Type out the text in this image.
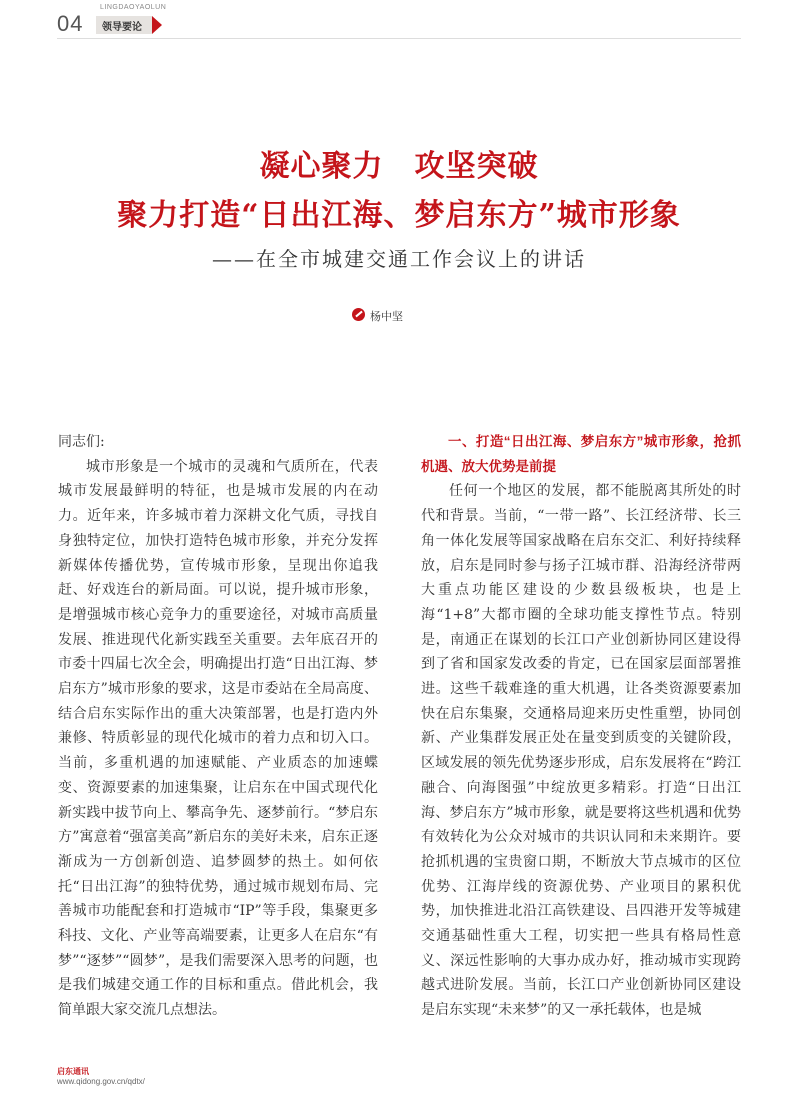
04
LINGDAOYAOLUN
领导要论
凝心聚力　攻坚突破
聚力打造“日出江海、梦启东方”城市形象
——在全市城建交通工作会议上的讲话
杨中坚

同志们:

城市形象是一个城市的灵魂和气质所在，代表城市发展最鲜明的特征，也是城市发展的内在动力。近年来，许多城市着力深耕文化气质，寻找自身独特定位，加快打造特色城市形象，并充分发挥新媒体传播优势，宣传城市形象，呈现出你追我赶、好戏连台的新局面。可以说，提升城市形象，是增强城市核心竞争力的重要途径，对城市高质量发展、推进现代化新实践至关重要。去年底召开的市委十四届七次全会，明确提出打造“日出江海、梦启东方”城市形象的要求，这是市委站在全局高度、结合启东实际作出的重大决策部署，也是打造内外兼修、特质彰显的现代化城市的着力点和切入口。当前，多重机遇的加速赋能、产业质态的加速蝶变、资源要素的加速集聚，让启东在中国式现代化新实践中拔节向上、攀高争先、逐梦前行。“梦启东方”寓意着“强富美高”新启东的美好未来，启东正逐渐成为一方创新创造、追梦圆梦的热土。如何依托“日出江海”的独特优势，通过城市规划布局、完善城市功能配套和打造城市“IP”等手段，集聚更多科技、文化、产业等高端要素，让更多人在启东“有梦”“逐梦”“圆梦”，是我们需要深入思考的问题，也是我们城建交通工作的目标和重点。借此机会，我简单跟大家交流几点想法。

一、打造“日出江海、梦启东方”城市形象，抢抓机遇、放大优势是前提

任何一个地区的发展，都不能脱离其所处的时代和背景。当前，“一带一路”、长江经济带、长三角一体化发展等国家战略在启东交汇、利好持续释放，启东是同时参与扬子江城市群、沿海经济带两大重点功能区建设的少数县级板块，也是上海“1+8”大都市圈的全球功能支撑性节点。特别是，南通正在谋划的长江口产业创新协同区建设得到了省和国家发改委的肯定，已在国家层面部署推进。这些千载难逢的重大机遇，让各类资源要素加快在启东集聚，交通格局迎来历史性重塑，协同创新、产业集群发展正处在量变到质变的关键阶段，区域发展的领先优势逐步形成，启东发展将在“跨江融合、向海图强”中绽放更多精彩。打造“日出江海、梦启东方”城市形象，就是要将这些机遇和优势有效转化为公众对城市的共识认同和未来期许。要抢抓机遇的宝贵窗口期，不断放大节点城市的区位优势、江海岸线的资源优势、产业项目的累积优势，加快推进北沿江高铁建设、吕四港开发等城建交通基础性重大工程，切实把一些具有格局性意义、深远性影响的大事办成办好，推动城市实现跨越式进阶发展。当前，长江口产业创新协同区建设是启东实现“未来梦”的又一承托载体，也是城

启东通讯
www.qidong.gov.cn/qdtx/
